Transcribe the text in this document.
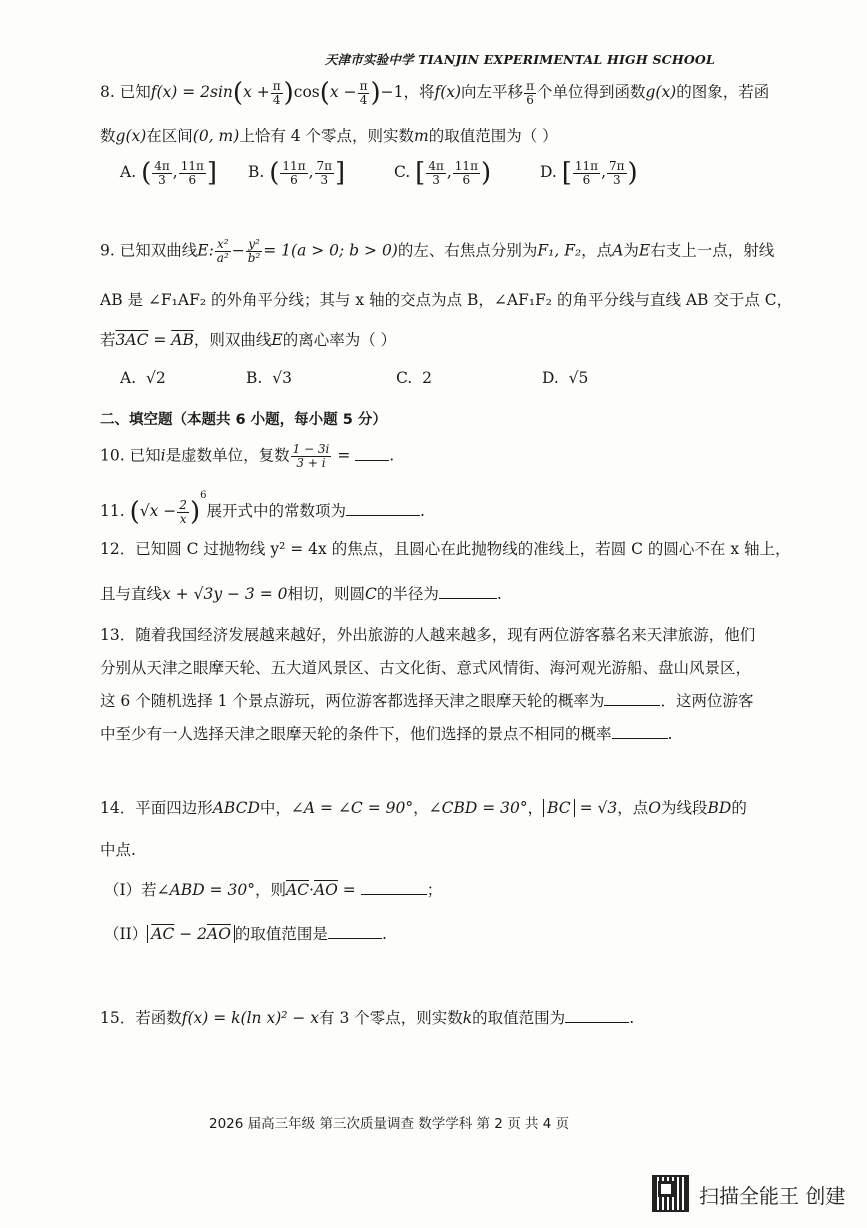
天津市实验中学 TIANJIN EXPERIMENTAL HIGH SCHOOL
8. 已知$f(x) = 2\sin(x + \frac{\pi}{4} )\cos(x - \frac{\pi}{4} )-1$，将f(x)向左平移 $\frac{\pi}{6}$ 个单位得到函数g(x)的图象，若函
数g(x)在区间(0, m)上恰有 4 个零点，则实数m的取值范围为（ ）
A. ( $\frac{4\pi}{3}$ , $\frac{11\pi}{6}$ ] B. ( $\frac{11\pi}{6}$ , $\frac{7\pi}{3}$ ]	C. [ $\frac{4\pi}{3}$ , $\frac{11\pi}{6}$ )	D. [ $\frac{11\pi}{6}$ , $\frac{7\pi}{3}$ )
9. 已知双曲线E: $\frac{\text{x²}}{\text{a²}} - \frac{\text{y²}}{\text{b²}} = 1(a > 0$; b > 0)的左、右焦点分别为F₁, F₂，点A为E右支上一点，射线
AB 是 ∠F₁AF₂ 的外角平分线；其与 x 轴的交点为点 B，∠AF₁F₂ 的角平分线与直线 AB 交于点 C，
若$3AC = \overline{AB}$，则双曲线E的离心率为（ ）
A. √2	B. √3	C. 2	D. √5
二、填空题（本题共 6 小题，每小题 5 分）
10. 已知i是虚数单位，复数 $\frac{1 - 3i}{3 + i}$ = .
11. $(√x - \frac{2}{x} )^6$展开式中的常数项为	.
12．已知圆 C 过抛物线 y² = 4x 的焦点，且圆心在此抛物线的准线上，若圆 C 的圆心不在 x 轴上，
且与直线x + √3y − 3 = 0相切，则圆C的半径为	.
13．随着我国经济发展越来越好，外出旅游的人越来越多，现有两位游客慕名来天津旅游，他们
分别从天津之眼摩天轮、五大道风景区、古文化街、意式风情街、海河观光游船、盘山风景区，
这 6 个随机选择 1 个景点游玩，两位游客都选择天津之眼摩天轮的概率为	．这两位游客
中至少有一人选择天津之眼摩天轮的条件下，他们选择的景点不相同的概率	.
14．平面四边形ABCD中，∠A = ∠C = 90°，∠CBD = 30°， BC = √3，点O为线段BD的
中点.
（I）若∠ABD = 30°，则$\overline{AC}\cdot\overline{AO}$ =	；
（II） $\overline{AC} - 2\overline{AO}$ 的取值范围是	.
15．若函数f(x) = k(ln x)² − x有 3 个零点，则实数k的取值范围为	.
2026 届高三年级 第三次质量调查 数学学科 第 2 页 共 4 页
扫描全能王 创建
